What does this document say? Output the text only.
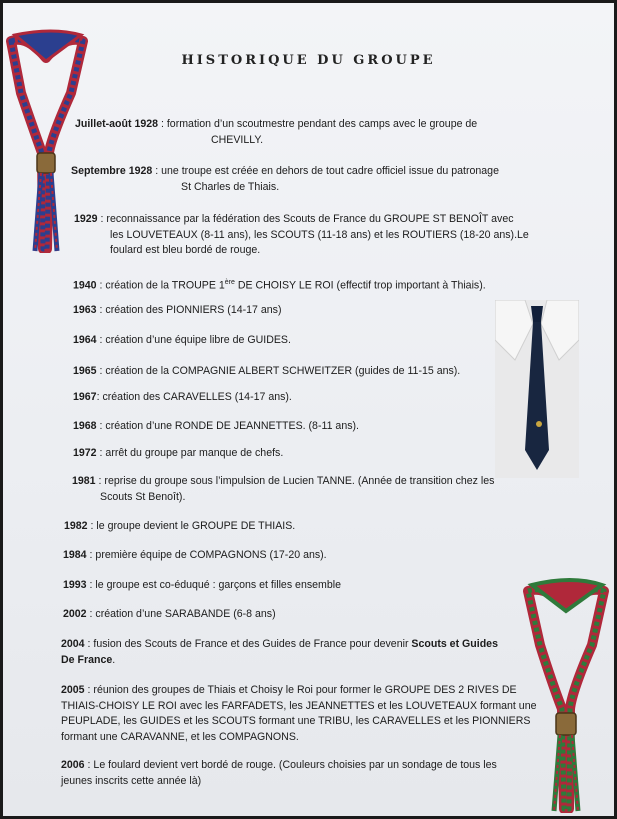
HISTORIQUE DU GROUPE
Juillet-août 1928 : formation d’un scoutmestre pendant des camps avec le groupe de
CHEVILLY.
Septembre 1928 : une troupe est créée en dehors de tout cadre officiel issue du patronage
St Charles de Thiais.
1929 : reconnaissance par la fédération des Scouts de France du GROUPE ST BENOÎT avec
les LOUVETEAUX (8-11 ans), les SCOUTS (11-18 ans) et les ROUTIERS (18-20 ans).Le
foulard est bleu bordé de rouge.
1940 : création de la TROUPE 1ère DE CHOISY LE ROI (effectif trop important à Thiais).
1963 : création des PIONNIERS (14-17 ans)
1964 : création d’une équipe libre de GUIDES.
1965 : création de la COMPAGNIE ALBERT SCHWEITZER (guides de 11-15 ans).
1967: création des CARAVELLES (14-17 ans).
1968 : création d’une RONDE DE JEANNETTES. (8-11 ans).
1972 : arrêt du groupe par manque de chefs.
1981 : reprise du groupe sous l’impulsion de Lucien TANNE. (Année de transition chez les
Scouts St Benoît).
1982 : le groupe devient le GROUPE DE THIAIS.
1984 : première équipe de COMPAGNONS (17-20 ans).
1993 : le groupe est co-éduqué : garçons et filles ensemble
2002 : création d’une SARABANDE (6-8 ans)
2004 : fusion des Scouts de France et des Guides de France pour devenir Scouts et Guides
De France.
2005 : réunion des groupes de Thiais et Choisy le Roi pour former le GROUPE DES 2 RIVES DE
THIAIS-CHOISY LE ROI avec les FARFADETS, les JEANNETTES et les LOUVETEAUX formant une
PEUPLADE, les GUIDES et les SCOUTS formant une TRIBU, les CARAVELLES et les PIONNIERS
formant une CARAVANNE, et les COMPAGNONS.
2006 : Le foulard devient vert bordé de rouge. (Couleurs choisies par un sondage de tous les
jeunes inscrits cette année là)
